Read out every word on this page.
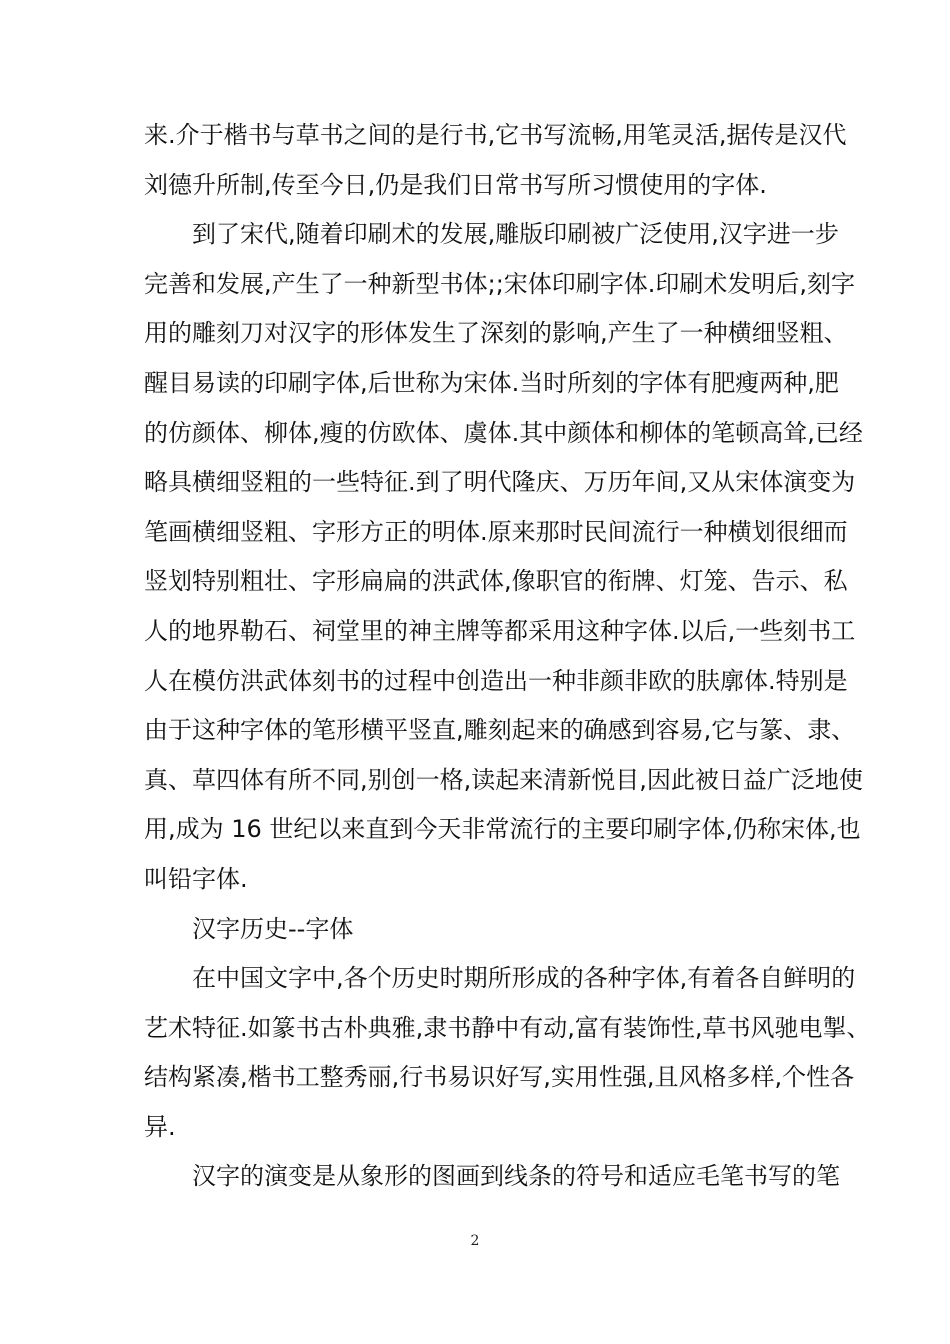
来.介于楷书与草书之间的是行书,它书写流畅,用笔灵活,据传是汉代
刘德升所制,传至今日,仍是我们日常书写所习惯使用的字体.
到了宋代,随着印刷术的发展,雕版印刷被广泛使用,汉字进一步
完善和发展,产生了一种新型书体;;宋体印刷字体.印刷术发明后,刻字
用的雕刻刀对汉字的形体发生了深刻的影响,产生了一种横细竖粗、
醒目易读的印刷字体,后世称为宋体.当时所刻的字体有肥瘦两种,肥
的仿颜体、柳体,瘦的仿欧体、虞体.其中颜体和柳体的笔顿高耸,已经
略具横细竖粗的一些特征.到了明代隆庆、万历年间,又从宋体演变为
笔画横细竖粗、字形方正的明体.原来那时民间流行一种横划很细而
竖划特别粗壮、字形扁扁的洪武体,像职官的衔牌、灯笼、告示、私
人的地界勒石、祠堂里的神主牌等都采用这种字体.以后,一些刻书工
人在模仿洪武体刻书的过程中创造出一种非颜非欧的肤廓体.特别是
由于这种字体的笔形横平竖直,雕刻起来的确感到容易,它与篆、隶、
真、草四体有所不同,别创一格,读起来清新悦目,因此被日益广泛地使
用,成为 16 世纪以来直到今天非常流行的主要印刷字体,仍称宋体,也
叫铅字体.
汉字历史--字体
在中国文字中,各个历史时期所形成的各种字体,有着各自鲜明的
艺术特征.如篆书古朴典雅,隶书静中有动,富有装饰性,草书风驰电掣、
结构紧凑,楷书工整秀丽,行书易识好写,实用性强,且风格多样,个性各
异.
汉字的演变是从象形的图画到线条的符号和适应毛笔书写的笔
2
